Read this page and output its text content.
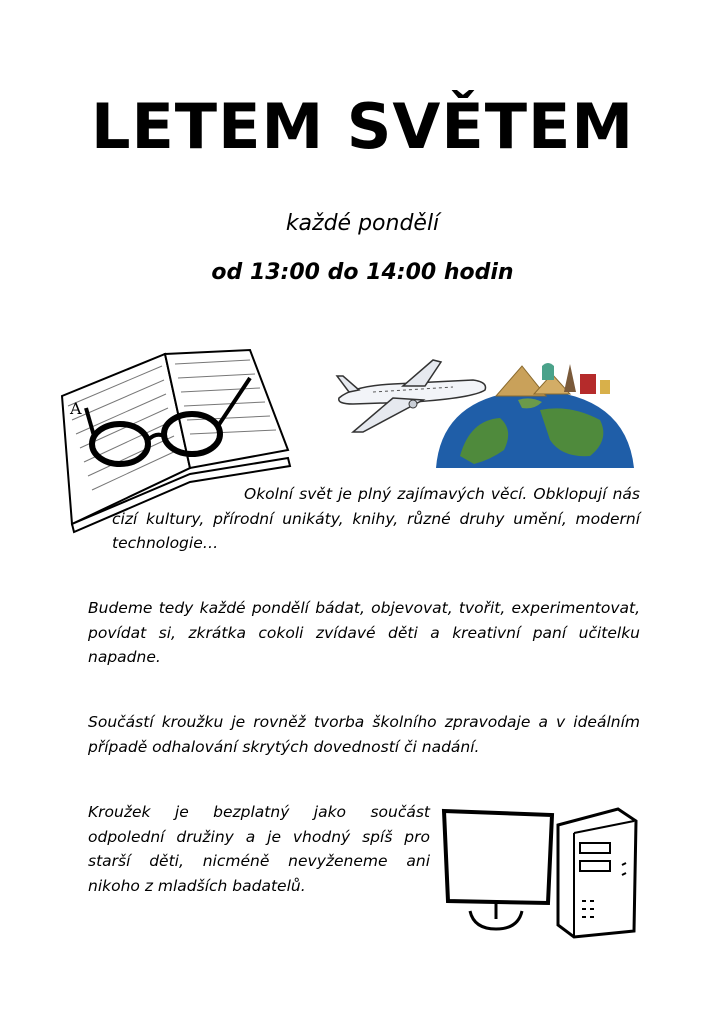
LETEM SVĚTEM
každé pondělí
od 13:00 do 14:00 hodin
A
Okolní svět je plný zajímavých věcí. Obklopují nás cizí kultury, přírodní unikáty, knihy, různé druhy umění, moderní technologie…
Budeme tedy každé pondělí bádat, objevovat, tvořit, experimentovat, povídat si, zkrátka cokoli zvídavé děti a kreativní paní učitelku napadne.
Součástí kroužku je rovněž tvorba školního zpravodaje a v ideálním případě odhalování skrytých dovedností či nadání.
Kroužek je bezplatný jako součást odpolední družiny a je vhodný spíš pro starší děti, nicméně nevyženeme ani nikoho z mladších badatelů.
